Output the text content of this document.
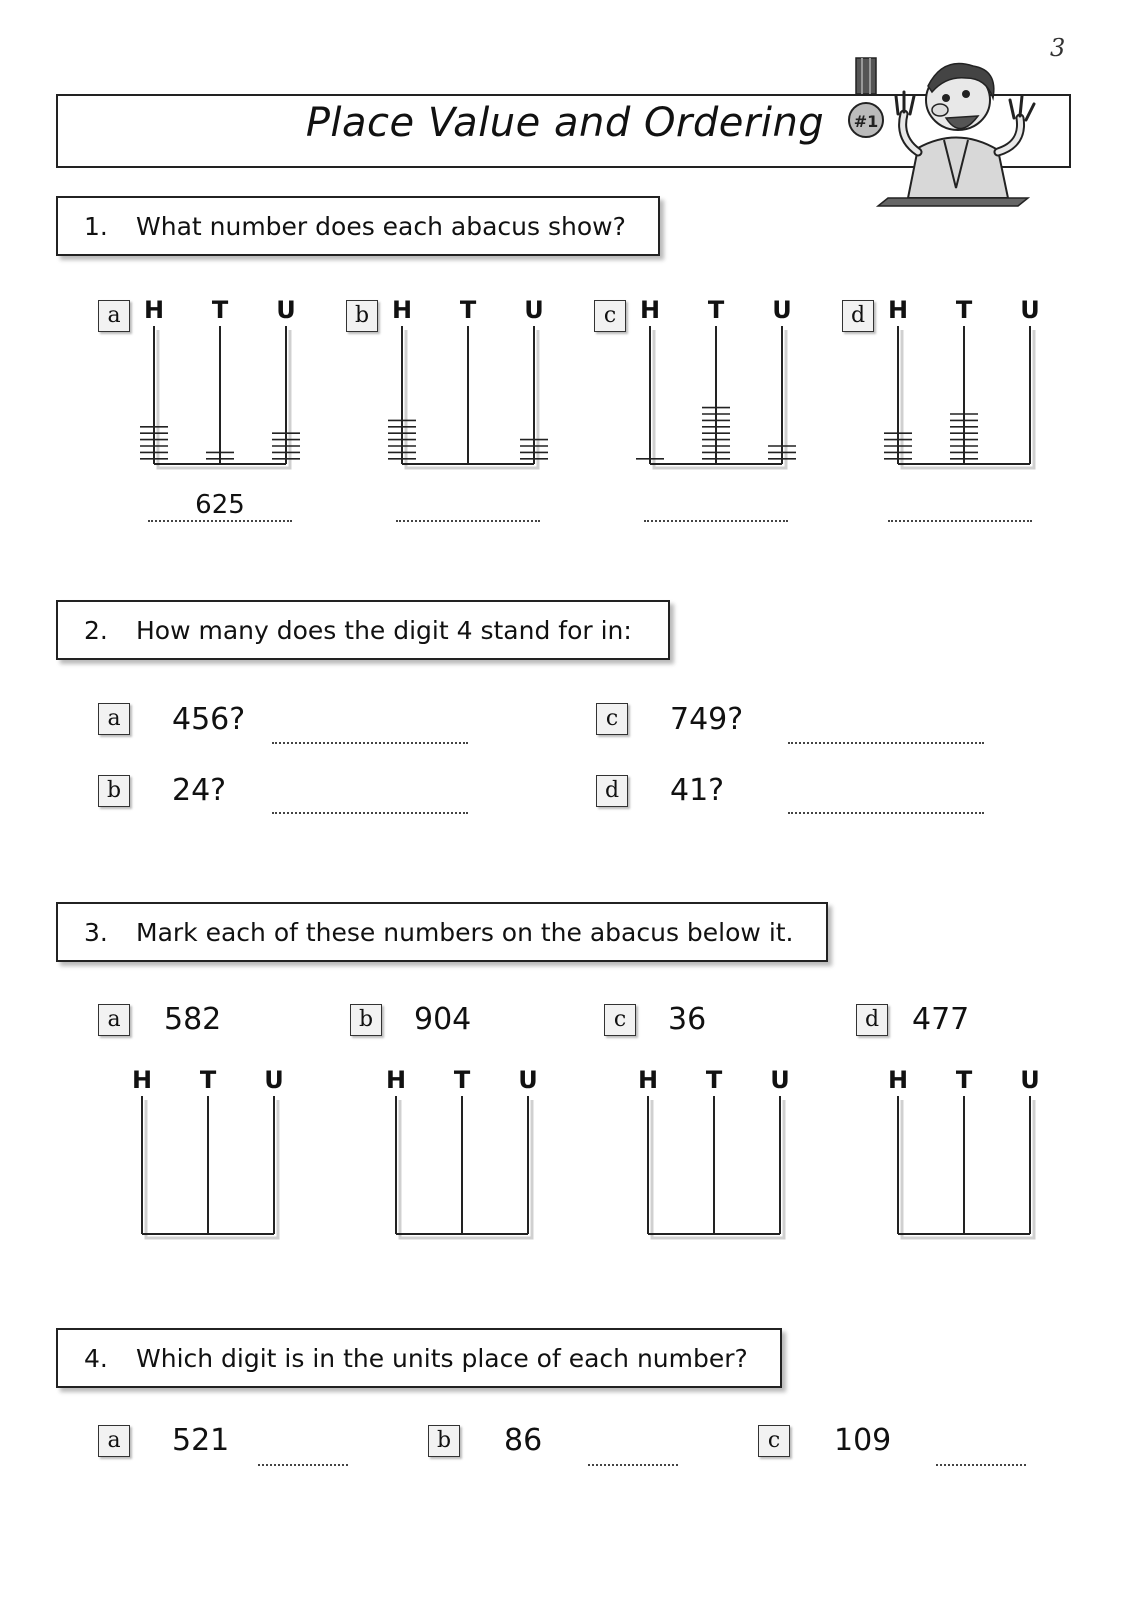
3
Place Value and Ordering	#1
1.	What number does each abacus show?
a	b	c	d
H T U	H T U	H T U	H T U
625
2.	How many does the digit 4 stand for in:
a	456?
b 24?
c	749?
d 41?
3.	Mark each of these numbers on the abacus below it.
a	582	b 904	c	36	d 477
H T U	H T U	H T U	H T U
4.	Which digit is in the units place of each number?
a	521	b 86	c	109
